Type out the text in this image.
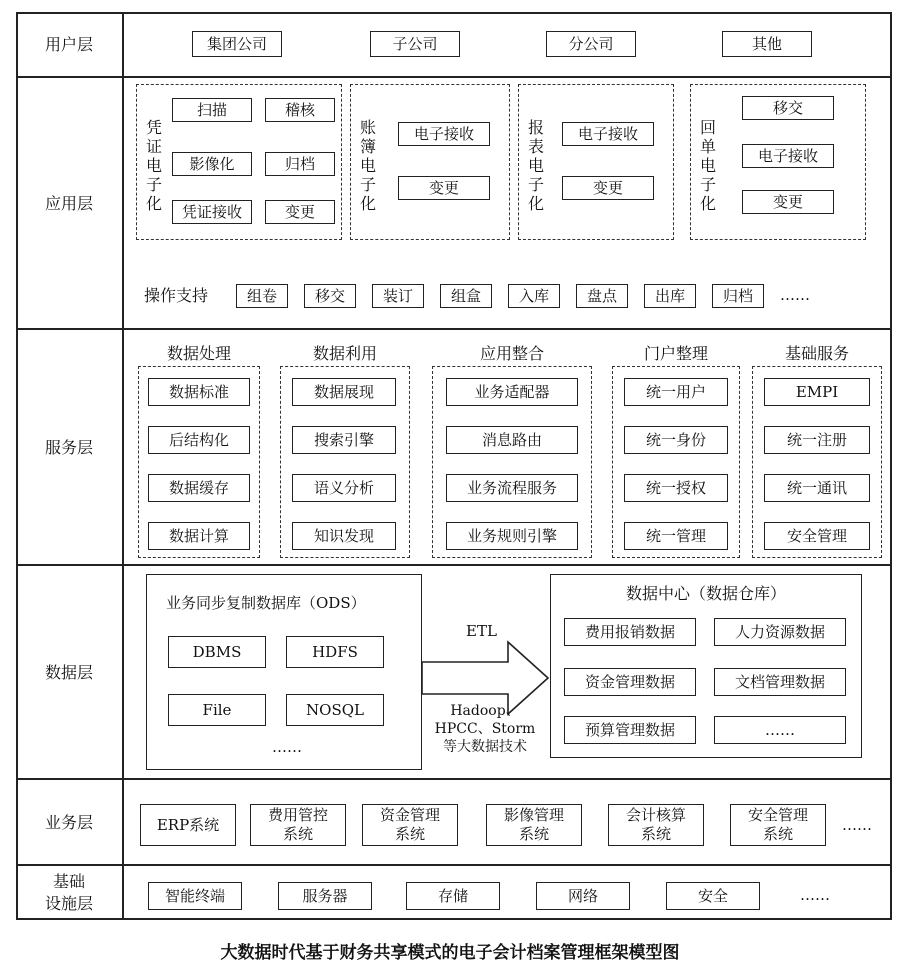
用户层
应用层
服务层
数据层
业务层
基础
设施层
集团公司	子公司	分公司	其他
凭证电子化
扫描	稽核
影像化	归档
凭证接收	变更
账簿电子化
电子接收
变更
报表电子化
电子接收
变更
回单电子化
移交
电子接收
变更
操作支持	组卷	移交	装订	组盒	入库	盘点	出库	归档	……
数据处理
数据标准
后结构化
数据缓存
数据计算
数据利用
数据展现
搜索引擎
语义分析
知识发现
应用整合
业务适配器
消息路由
业务流程服务
业务规则引擎
门户整理
统一用户
统一身份
统一授权
统一管理
基础服务
EMPI
统一注册
统一通讯
安全管理
业务同步复制数据库（ODS）
DBMS	HDFS
File	NOSQL
……
ETL
Hadoop、
HPCC、Storm
等大数据技术
数据中心（数据仓库）
费用报销数据	人力资源数据
资金管理数据	文档管理数据
预算管理数据	……
ERP系统
费用管控
系统
资金管理
系统
影像管理
系统
会计核算
系统
安全管理
系统	……
智能终端	服务器	存储	网络	安全	……
大数据时代基于财务共享模式的电子会计档案管理框架模型图
